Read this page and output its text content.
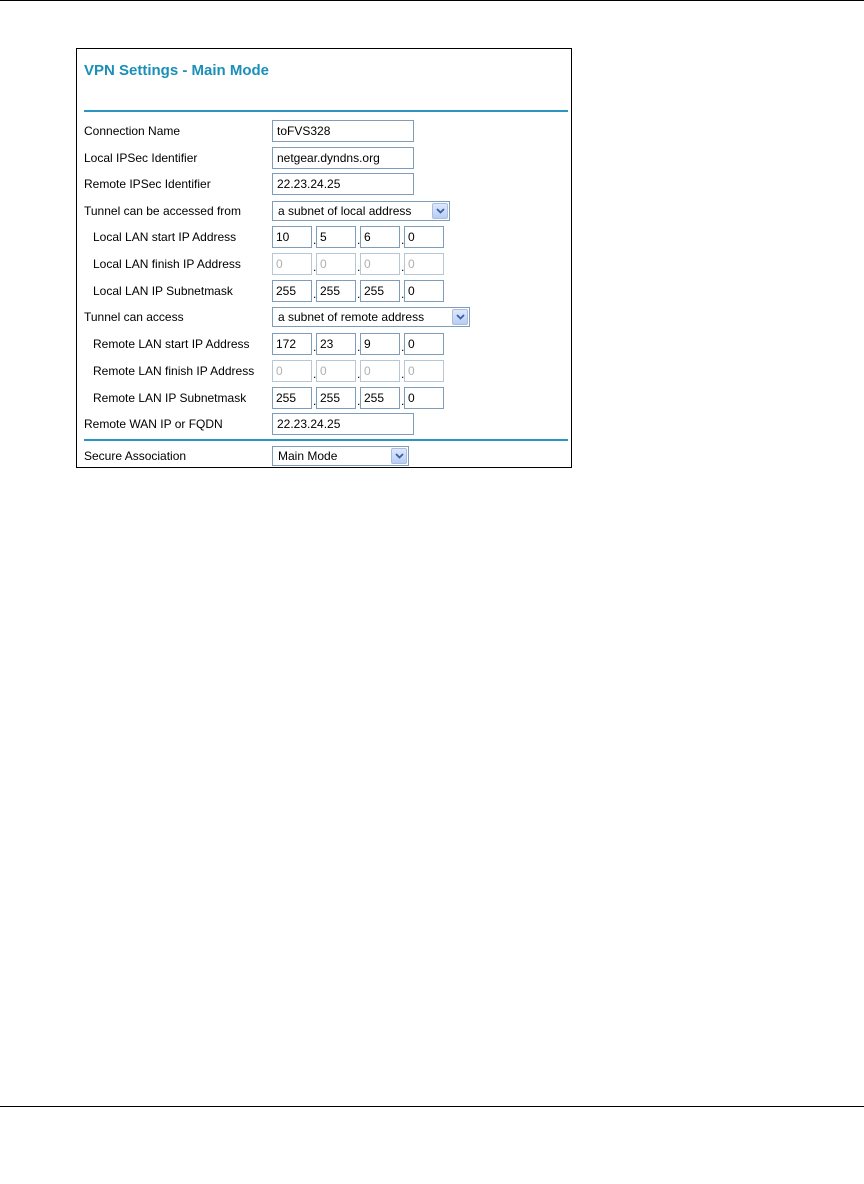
VPN Settings - Main Mode
Connection Name
toFVS328
Local IPSec Identifier
netgear.dyndns.org
Remote IPSec Identifier
22.23.24.25
Tunnel can be accessed from	a subnet of local address
Local LAN start IP Address
10	.
5	.
6	.
0
Local LAN finish IP Address
0	.
0	.
0	.
0
Local LAN IP Subnetmask
255	.
255	.
255	.
0
Tunnel can access	a subnet of remote address
Remote LAN start IP Address
172	.
23	.
9	.
0
Remote LAN finish IP Address
0	.
0	.
0	.
0
Remote LAN IP Subnetmask
255	.
255	.
255	.
0
Remote WAN IP or FQDN
22.23.24.25
Secure Association	Main Mode
